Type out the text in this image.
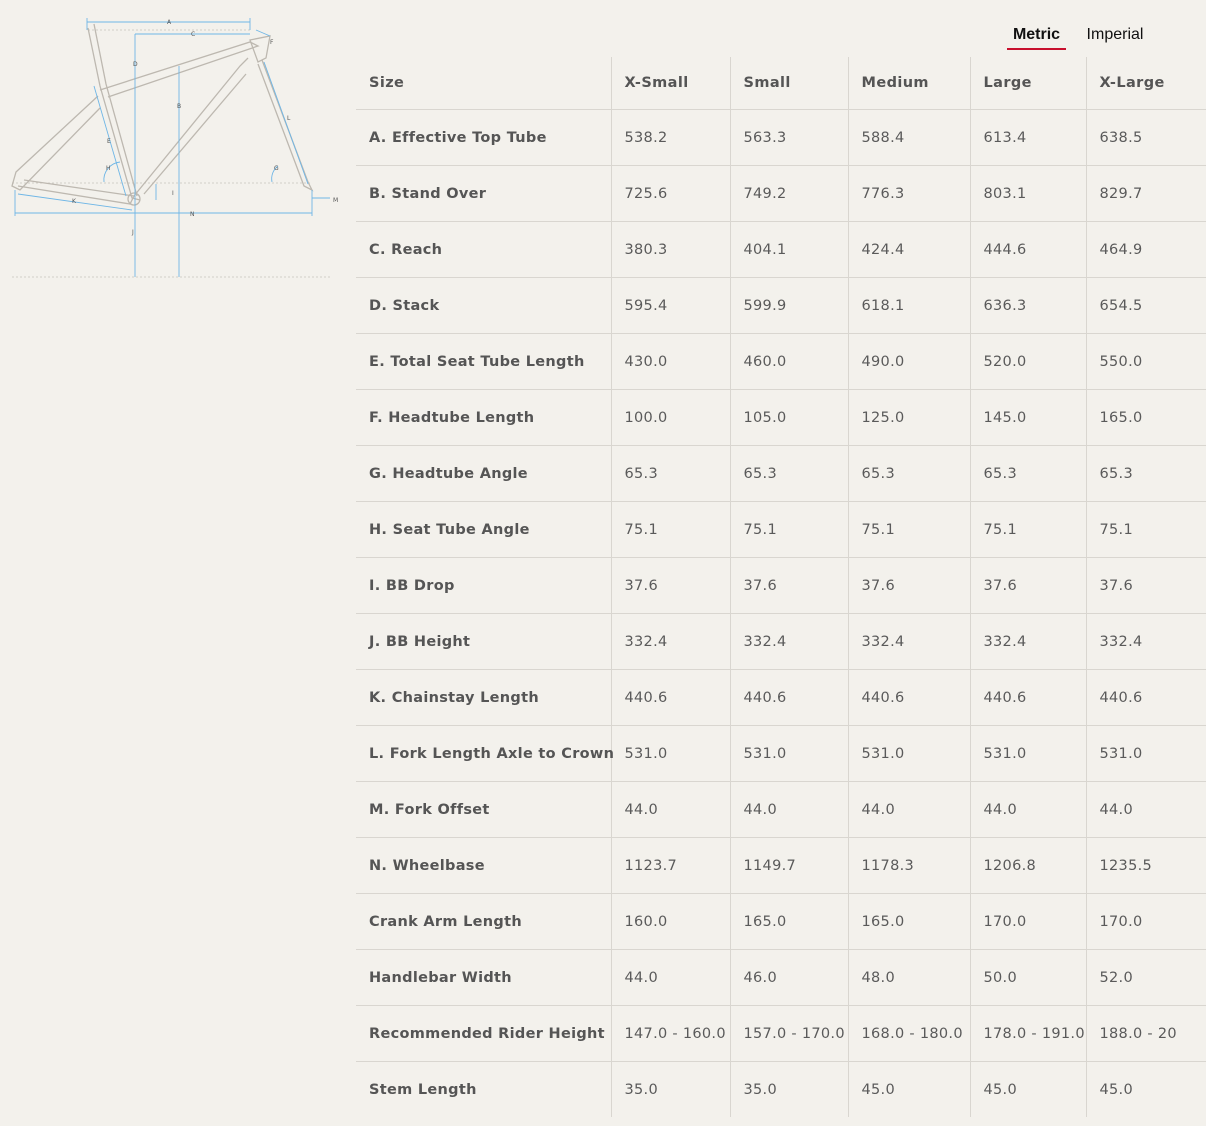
A
B
C
D
E
F
G
H
I
J
K
L
M
N
Metric	Imperial
Size	X-Small	Small	Medium	Large	X-Large
A. Effective Top Tube	538.2	563.3	588.4	613.4	638.5
B. Stand Over	725.6	749.2	776.3	803.1	829.7
C. Reach	380.3	404.1	424.4	444.6	464.9
D. Stack	595.4	599.9	618.1	636.3	654.5
E. Total Seat Tube Length	430.0	460.0	490.0	520.0	550.0
F. Headtube Length	100.0	105.0	125.0	145.0	165.0
G. Headtube Angle	65.3	65.3	65.3	65.3	65.3
H. Seat Tube Angle	75.1	75.1	75.1	75.1	75.1
I. BB Drop	37.6	37.6	37.6	37.6	37.6
J. BB Height	332.4	332.4	332.4	332.4	332.4
K. Chainstay Length	440.6	440.6	440.6	440.6	440.6
L. Fork Length Axle to Crown	531.0	531.0	531.0	531.0	531.0
M. Fork Offset	44.0	44.0	44.0	44.0	44.0
N. Wheelbase	1123.7	1149.7	1178.3	1206.8	1235.5
Crank Arm Length	160.0	165.0	165.0	170.0	170.0
Handlebar Width	44.0	46.0	48.0	50.0	52.0
Recommended Rider Height	147.0 - 160.0	157.0 - 170.0	168.0 - 180.0	178.0 - 191.0	188.0 - 20
Stem Length	35.0	35.0	45.0	45.0	45.0
